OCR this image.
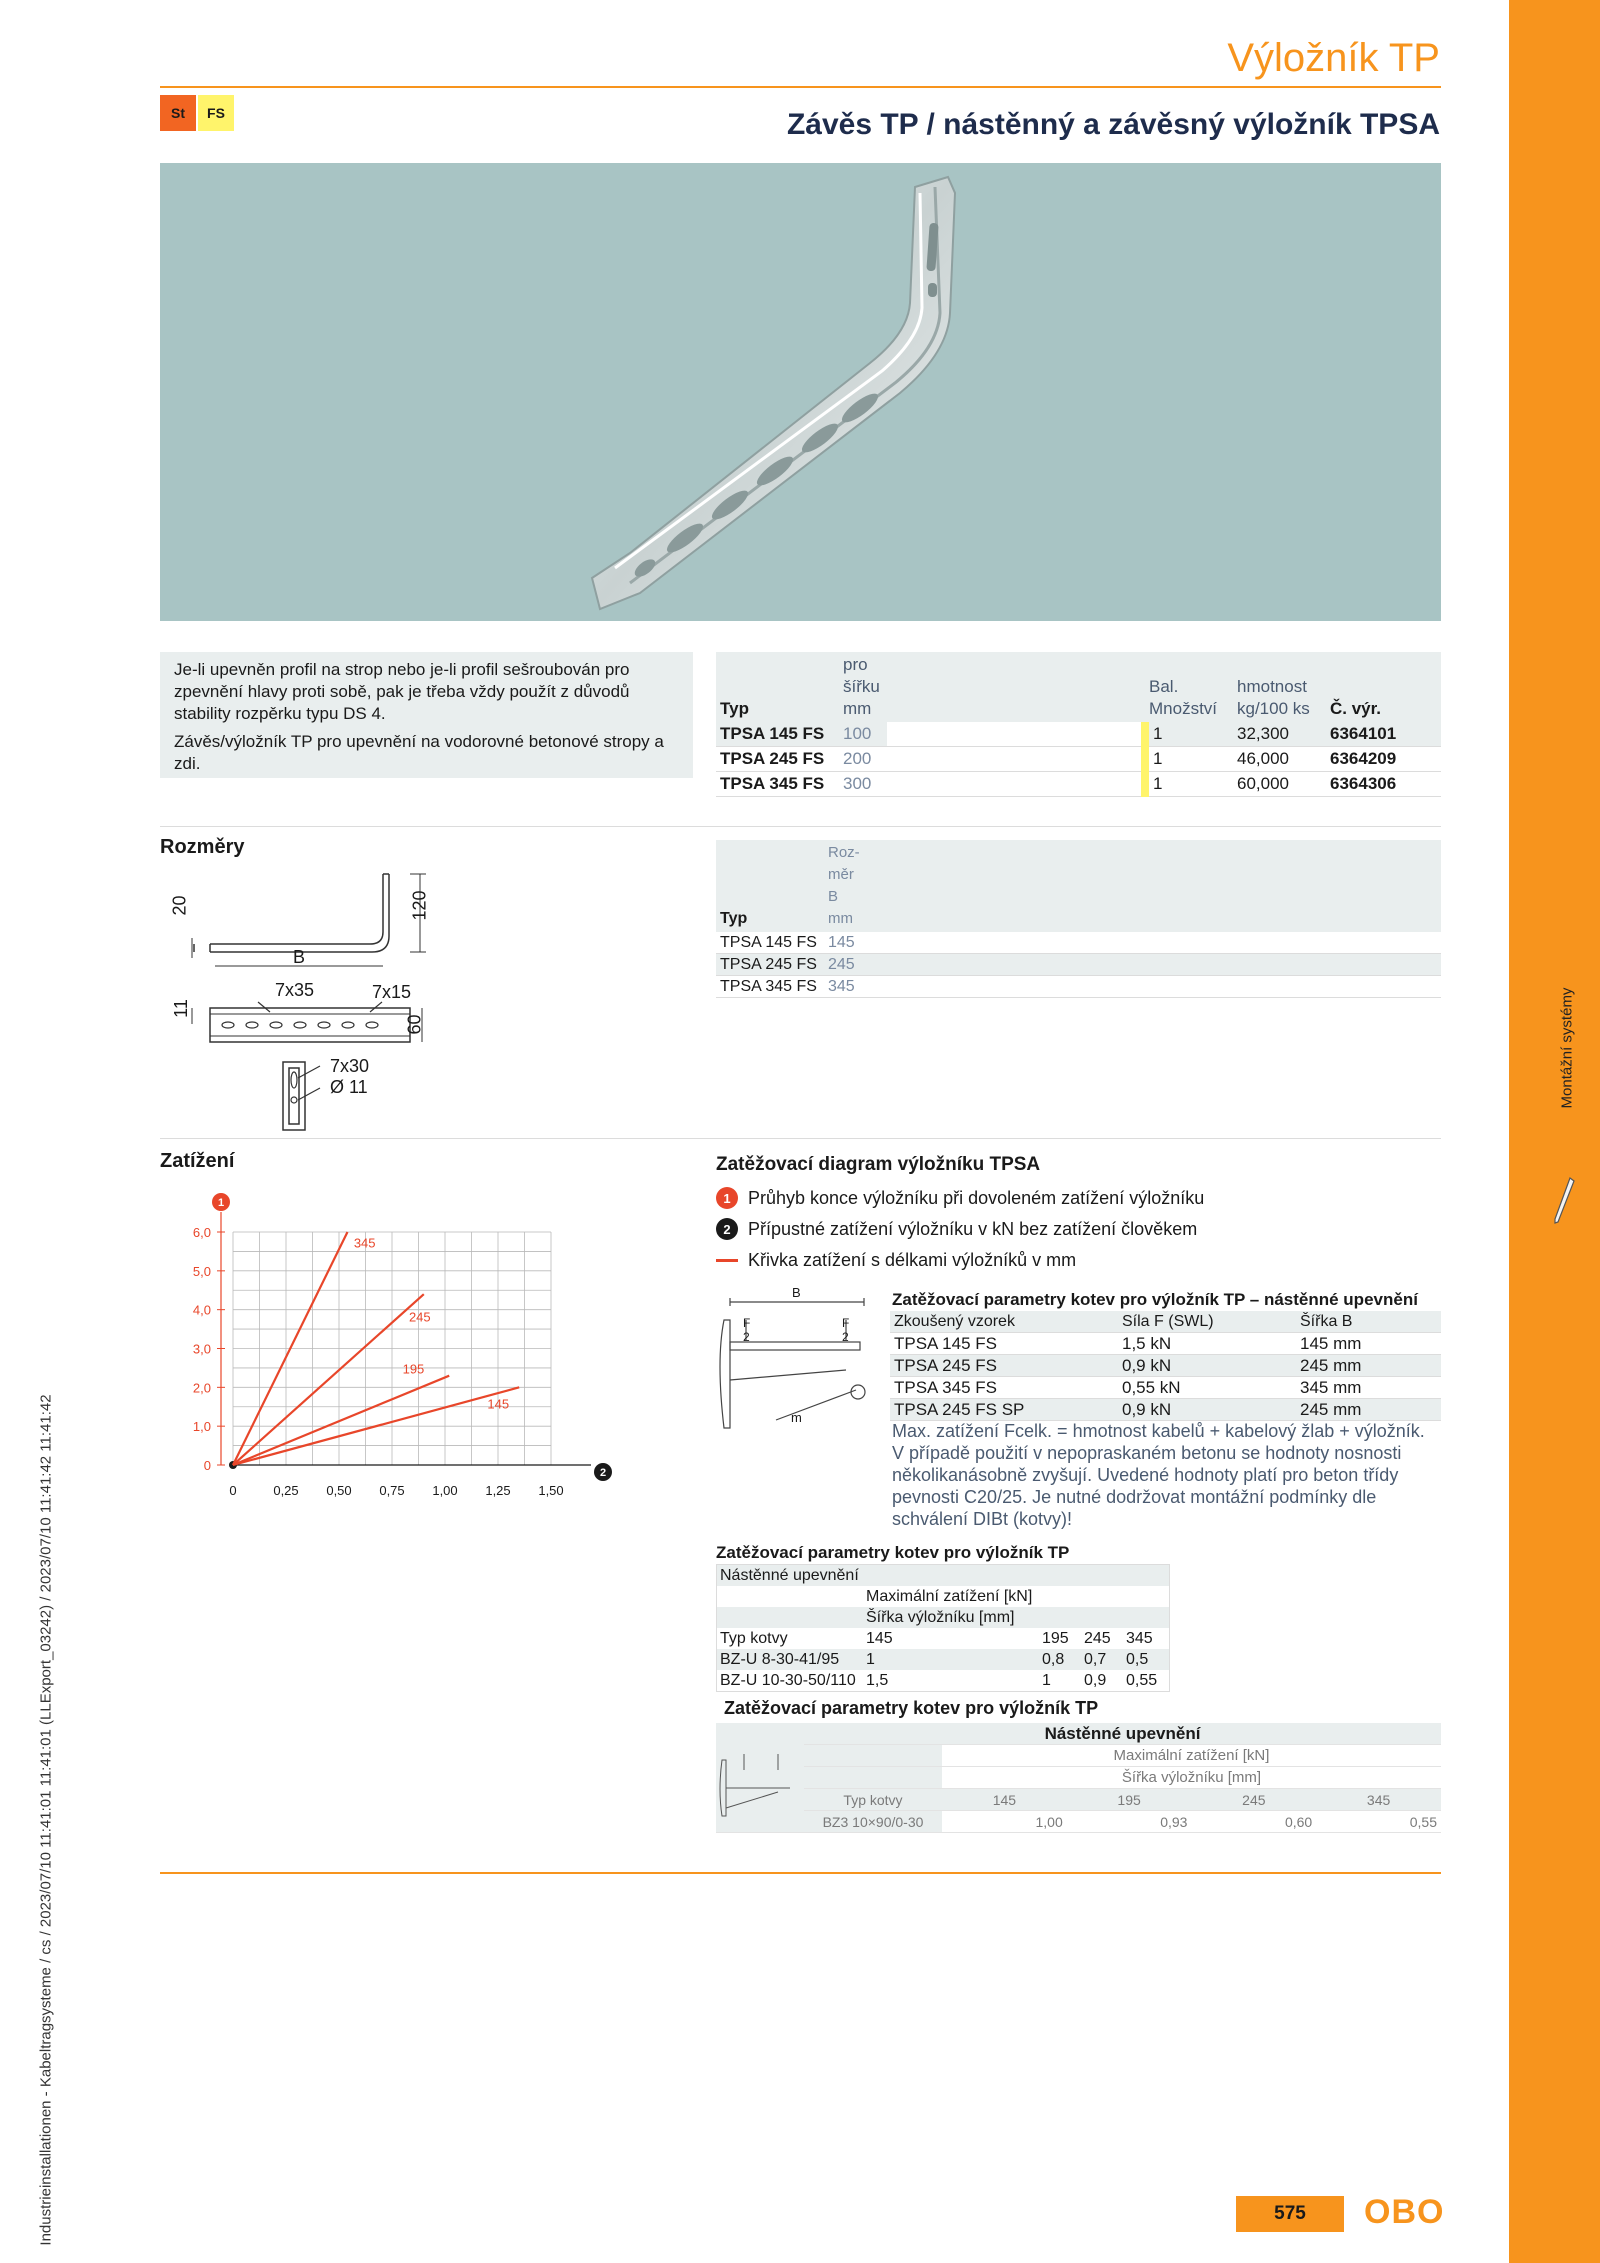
Montážní systémy
Industrieinstallationen - Kabeltragsysteme / cs / 2023/07/10 11:41:01 11:41:01 (LLExport_03242) / 2023/07/10 11:41:42 11:41:42
Výložník TP
St	FS	Závěs TP / nástěnný a závěsný výložník TPSA

Je-li upevněn profil na strop nebo je-li profil sešroubován pro zpevnění hlavy proti sobě, pak je třeba vždy použít z důvodů stability rozpěrku typu DS 4.

Závěs/výložník TP pro upevnění na vodorovné betonové stropy a zdi.

Typ	pro
šířku
mm		Bal.
Množství	hmotnost
kg/100 ks	Č. výr.
TPSA 145 FS	100		1	32,300	6364101
TPSA 245 FS	200		1	46,000	6364209
TPSA 345 FS	300		1	60,000	6364306
Rozměry
20	120
B
11
60
7x35	7x15
7x30
Ø 11
Typ	Roz-
měr
B
mm
TPSA 145 FS	145
TPSA 245 FS	245
TPSA 345 FS	345
Zatížení
1
2
345
245
195
145
0	0,25 0,50 0,75 1,00 1,25 1,50
0
1,0
2,0
3,0
4,0
5,0
6,0
Zatěžovací diagram výložníku TPSA
1 Průhyb konce výložníku při dovoleném zatížení výložníku
2 Přípustné zatížení výložníku v kN bez zatížení člověkem
Křivka zatížení s délkami výložníků v mm
B
m
F
2
F
2
Zatěžovací parametry kotev pro výložník TP – nástěnné upevnění
Zkoušený vzorek	Síla F (SWL)	Šířka B
TPSA 145 FS	1,5 kN	145 mm
TPSA 245 FS	0,9 kN	245 mm
TPSA 345 FS	0,55 kN	345 mm
TPSA 245 FS SP	0,9 kN	245 mm
Max. zatížení Fcelk. = hmotnost kabelů + kabelový žlab + výložník. V případě použití v nepopraskaném betonu se hodnoty nosnosti několikanásobně zvyšují. Uvedené hodnoty platí pro beton třídy pevnosti C20/25. Je nutné dodržovat montážní podmínky dle schválení DIBt (kotvy)!
Zatěžovací parametry kotev pro výložník TP
Nástěnné upevnění				
	Maximální zatížení [kN]			
	Šířka výložníku [mm]			
Typ kotvy	145	195	245	345
BZ-U 8-30-41/95	1	0,8	0,7	0,5
BZ-U 10-30-50/110	1,5	1	0,9	0,55
Zatěžovací parametry kotev pro výložník TP
	Nástěnné upevnění				
		Maximální zatížení [kN]			
		Šířka výložníku [mm]			
	Typ kotvy	145	195	245	345
	BZ3 10×90/0-30	1,00	0,93	0,60	0,55
575	OBO
